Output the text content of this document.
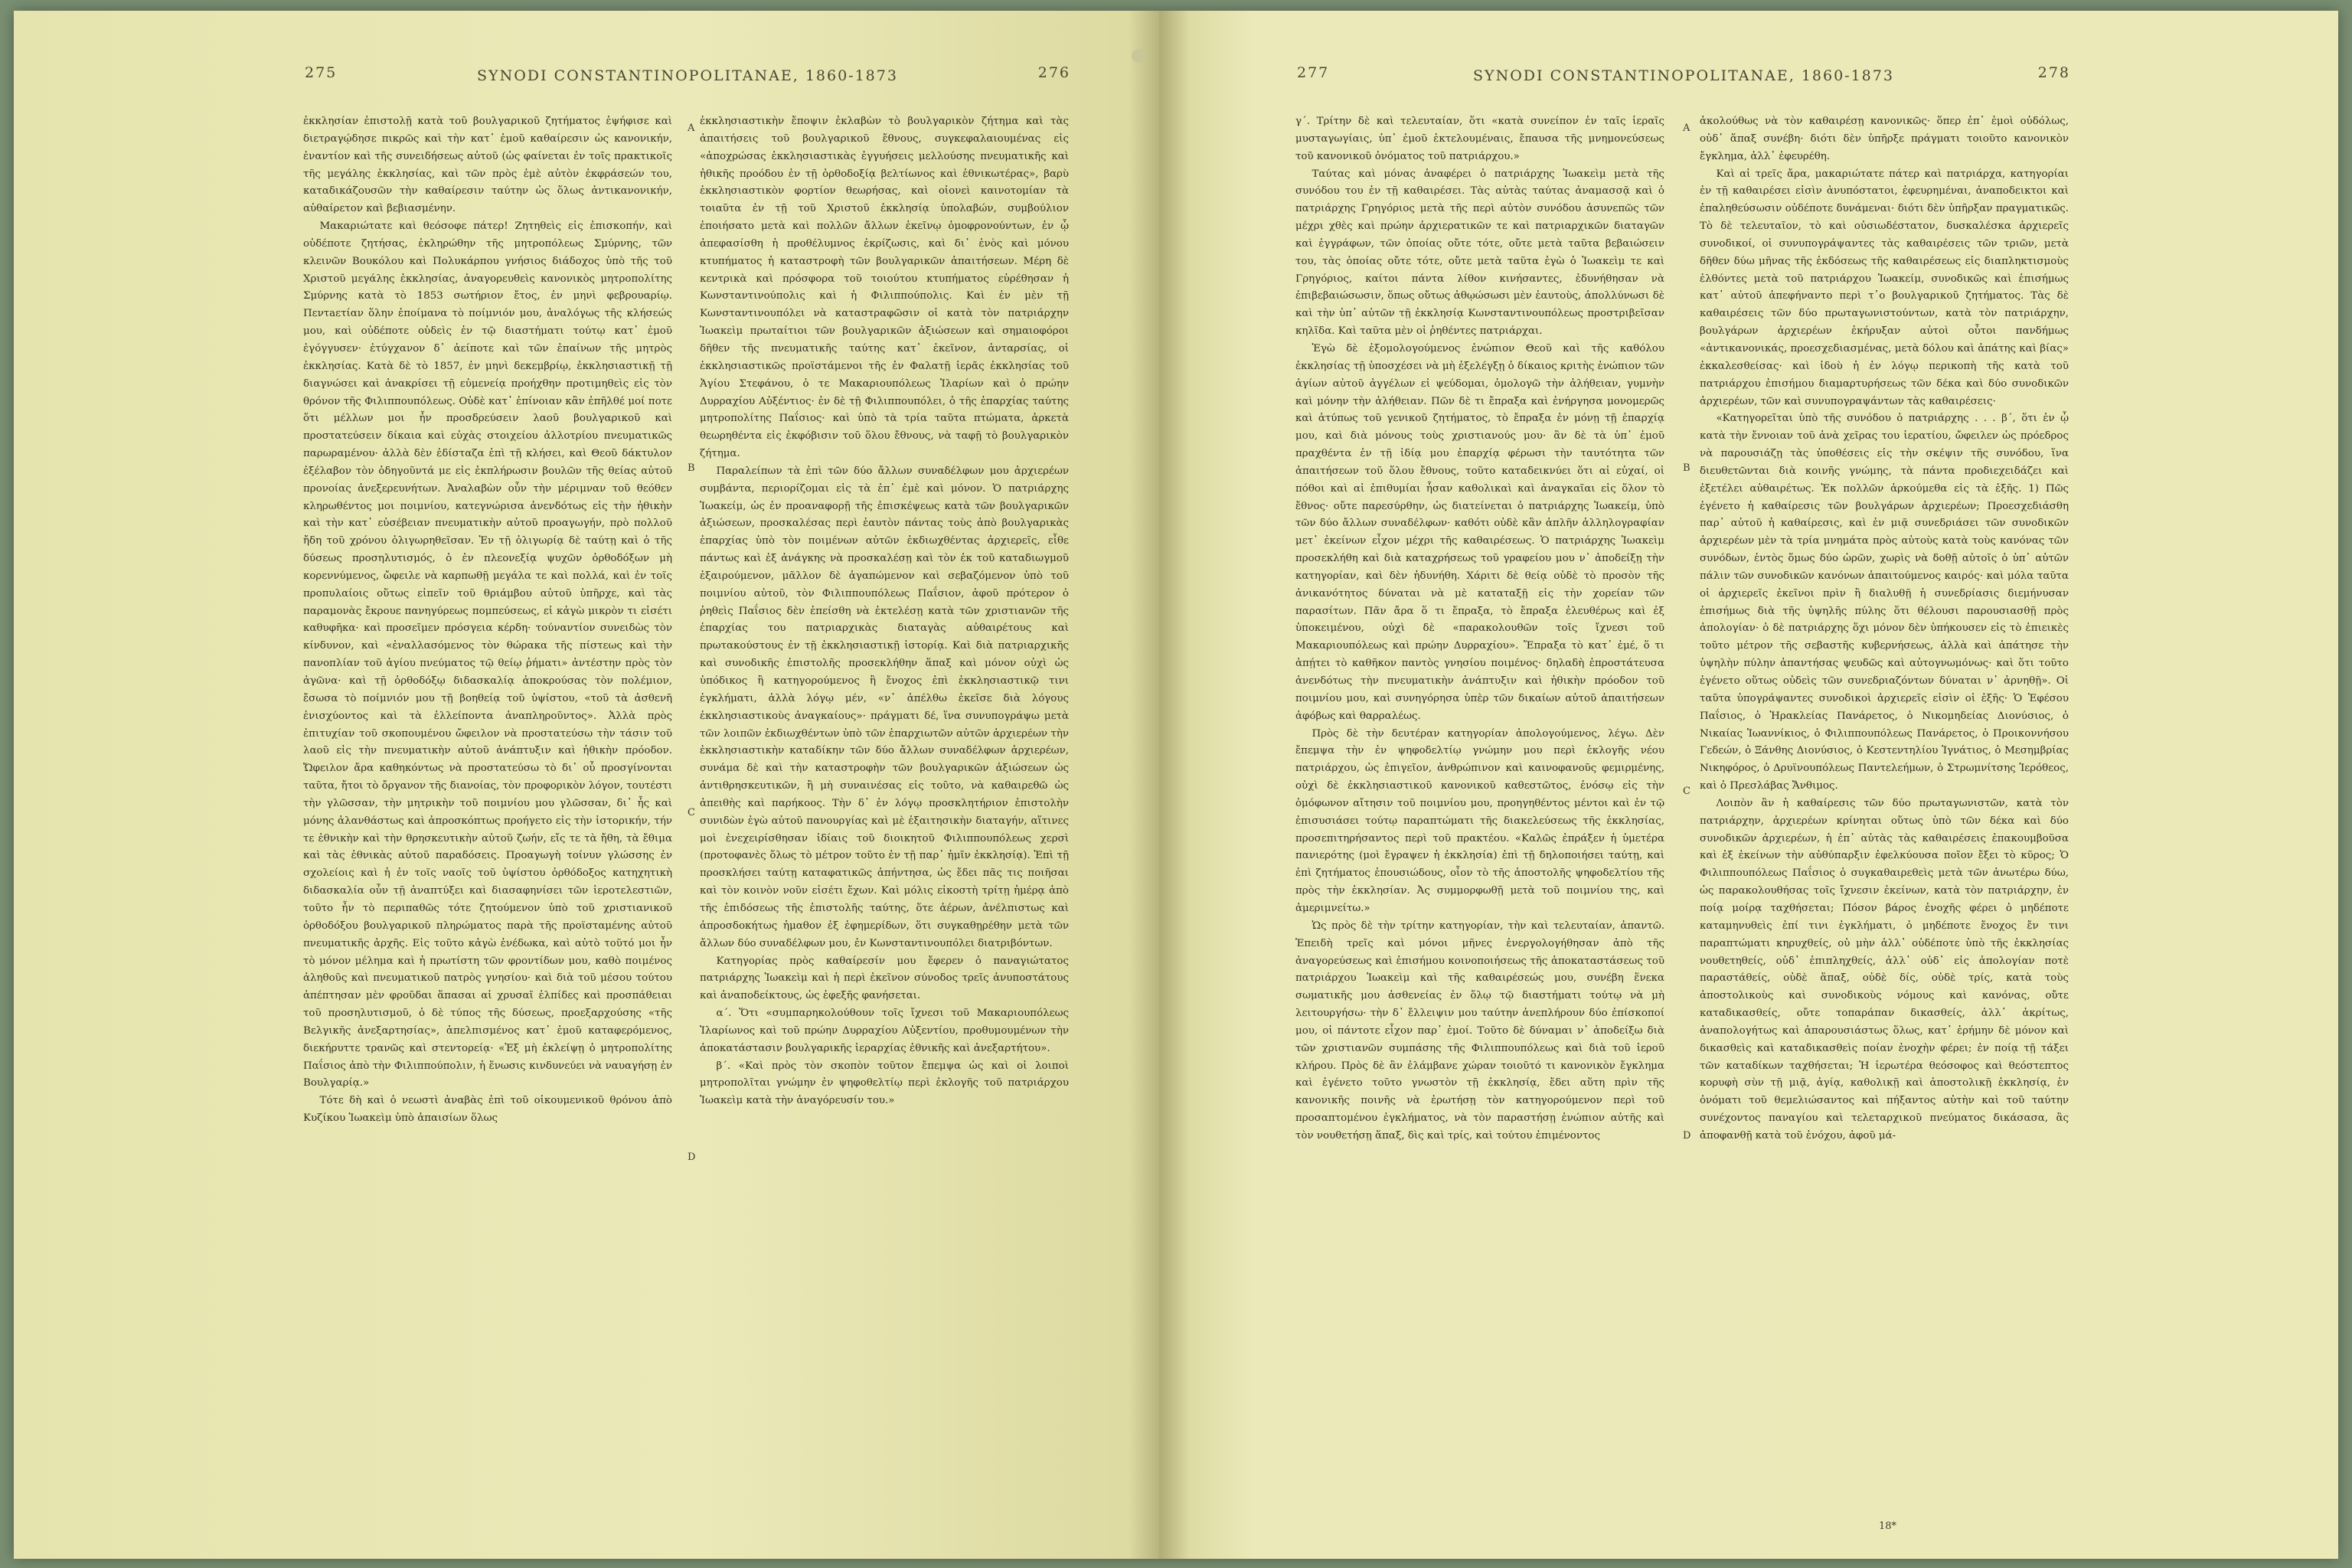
275	SYNODI CONSTANTINOPOLITANAE, 1860-1873	276

ἐκκλησίαν ἐπιστολῇ κατὰ τοῦ βουλγαρικοῦ ζητήματος ἐψήφισε καὶ διετραγῴδησε πικρῶς καὶ τὴν κατ᾽ ἐμοῦ καθαίρεσιν ὡς κανονικήν, ἐναντίον καὶ τῆς συνειδήσεως αὐτοῦ (ὡς φαίνεται ἐν τοῖς πρακτικοῖς τῆς μεγάλης ἐκκλησίας, καὶ τῶν πρὸς ἐμὲ αὐτὸν ἐκφράσεών του, καταδικάζουσῶν τὴν καθαίρεσιν ταύτην ὡς ὅλως ἀντικανονικήν, αὐθαίρετον καὶ βεβιασμένην.

Μακαριώτατε καὶ θεόσοφε πάτερ! Ζητηθεὶς εἰς ἐπισκοπήν, καὶ οὐδέποτε ζητήσας, ἐκληρώθην τῆς μητροπόλεως Σμύρνης, τῶν κλεινῶν Βουκόλου καὶ Πολυκάρπου γνήσιος διάδοχος ὑπὸ τῆς τοῦ Χριστοῦ μεγάλης ἐκκλησίας, ἀναγορευθεὶς κανονικὸς μητροπολίτης Σμύρνης κατὰ τὸ 1853 σωτήριον ἔτος, ἐν μηνὶ φεβρουαρίῳ. Πεντaετίαν ὅλην ἐποίμανα τὸ ποίμνιόν μου, ἀναλόγως τῆς κλήσεώς μου, καὶ οὐδέποτε οὐδεὶς ἐν τῷ διαστήματι τούτῳ κατ᾽ ἐμοῦ ἐγόγγυσεν· ἐτύγχανον δ᾽ ἀείποτε καὶ τῶν ἐπαίνων τῆς μητρὸς ἐκκλησίας. Κατὰ δὲ τὸ 1857, ἐν μηνὶ δεκεμβρίῳ, ἐκκλησιαστικῇ τῇ διαγνώσει καὶ ἀνακρίσει τῇ εὐμενείᾳ προήχθην προτιμηθεὶς εἰς τὸν θρόνον τῆς Φιλιππουπόλεως. Οὐδὲ κατ᾽ ἐπίνοιαν κἂν ἐπῆλθέ μοί ποτε ὅτι μέλλων μοι ἦν προσδρεύσειν λαοῦ βουλγαρικοῦ καὶ προστατεύσειν δίκαια καὶ εὐχὰς στοιχείου ἀλλοτρίου πνευματικῶς παρωραμένου· ἀλλὰ δὲν ἐδίσταζα ἐπὶ τῇ κλήσει, καὶ Θεοῦ δάκτυλον ἐξέλαβον τὸν ὁδηγοῦντά με εἰς ἐκπλήρωσιν βουλῶν τῆς θείας αὐτοῦ προνοίας ἀνεξερευνήτων. Ἀναλαβὼν οὖν τὴν μέριμναν τοῦ θεόθεν κληρωθέντος μοι ποιμνίου, κατεγνώρισα ἀνενδότως εἰς τὴν ἠθικὴν καὶ τὴν κατ᾽ εὐσέβειαν πνευματικὴν αὐτοῦ προαγωγήν, πρὸ πολλοῦ ἤδη τοῦ χρόνου ὀλιγωρηθεῖσαν. Ἐν τῇ ὀλιγωρίᾳ δὲ ταύτῃ καὶ ὁ τῆς δύσεως προσηλυτισμός, ὁ ἐν πλεονεξίᾳ ψυχῶν ὀρθοδόξων μὴ κορεννύμενος, ὤφειλε νὰ καρπωθῇ μεγάλα τε καὶ πολλά, καὶ ἐν τοῖς προπυλαίοις οὕτως εἰπεῖν τοῦ θριάμβου αὐτοῦ ὑπῆρχε, καὶ τὰς παραμονὰς ἔκρουε πανηγύρεως πομπεύσεως, εἰ κἀγὼ μικρὸν τι εἰσέτι καθυφῆκα· καὶ προσεῖμεν πρόσγεια κέρδη· τούναντίον συνειδὼς τὸν κίνδυνον, καὶ «ἐναλλασόμενος τὸν θώρακα τῆς πίστεως καὶ τὴν πανοπλίαν τοῦ ἁγίου πνεύματος τῷ θείῳ ῥήματι» ἀντέστην πρὸς τὸν ἀγῶνα· καὶ τῇ ὀρθοδόξῳ διδασκαλίᾳ ἀποκρούσας τὸν πολέμιον, ἔσωσα τὸ ποίμνιόν μου τῇ βοηθείᾳ τοῦ ὑψίστου, «τοῦ τὰ ἀσθενῆ ἐνισχύοντος καὶ τὰ ἐλλείποντα ἀναπληροῦντος». Ἀλλὰ πρὸς ἐπιτυχίαν τοῦ σκοπουμένου ὤφειλον νὰ προστατεύσω τὴν τάσιν τοῦ λαοῦ εἰς τὴν πνευματικὴν αὐτοῦ ἀνάπτυξιν καὶ ἠθικὴν πρόοδον. Ὤφειλον ἄρα καθηκόντως νὰ προστατεύσω τὸ δι᾽ οὗ προσγίνονται ταῦτα, ἤτοι τὸ ὄργανον τῆς διανοίας, τὸν προφορικὸν λόγον, τουτέστι τὴν γλῶσσαν, τὴν μητρικὴν τοῦ ποιμνίου μου γλῶσσαν, δι᾽ ἧς καὶ μόνης ἀλανθάστως καὶ ἀπροσκόπτως προήγετο εἰς τὴν ἱστορικήν, τήν τε ἐθνικὴν καὶ τὴν θρησκευτικὴν αὐτοῦ ζωήν, εἴς τε τὰ ἤθη, τὰ ἔθιμα καὶ τὰς ἐθνικὰς αὐτοῦ παραδόσεις. Προαγωγὴ τοίνυν γλώσσης ἐν σχολείοις καὶ ἡ ἐν τοῖς ναοῖς τοῦ ὑψίστου ὀρθόδοξος κατηχητικὴ διδασκαλία οὖν τῇ ἀναπτύξει καὶ διασαφηνίσει τῶν ἱεροτελεστιῶν, τοῦτο ἦν τὸ περιπαθῶς τότε ζητούμενον ὑπὸ τοῦ χριστιανικοῦ ὀρθοδόξου βουλγαρικοῦ πληρώματος παρὰ τῆς προϊσταμένης αὐτοῦ πνευματικῆς ἀρχῆς. Εἰς τοῦτο κἀγὼ ἐνέδωκα, καὶ αὐτὸ τοῦτό μοι ἦν τὸ μόνον μέλημα καὶ ἡ πρωτίστη τῶν φροντίδων μου, καθὸ ποιμένος ἀληθοῦς καὶ πνευματικοῦ πατρὸς γνησίου· καὶ διὰ τοῦ μέσου τούτου ἀπέπτησαν μὲν φροῦδαι ἅπασαι αἱ χρυσαῖ ἐλπίδες καὶ προσπάθειαι τοῦ προσηλυτισμοῦ, ὁ δὲ τύπος τῆς δύσεως, προεξαρχούσης «τῆς Βελγικῆς ἀνεξαρτησίας», ἀπελπισμένος κατ᾽ ἐμοῦ καταφερόμενος, διεκήρυττε τρανῶς καὶ στεντορείᾳ· «Ἐξ μὴ ἐκλείψῃ ὁ μητροπολίτης Παΐσιος ἀπὸ τὴν Φιλιππούπολιν, ἡ ἕνωσις κινδυνεύει νὰ ναυαγήσῃ ἐν Βουλγαρίᾳ.»

Τότε δὴ καὶ ὁ νεωστὶ ἀναβὰς ἐπὶ τοῦ οἰκουμενικοῦ θρόνου ἀπὸ Κυζίκου Ἰωακεὶμ ὑπὸ ἀπαισίων ὅλως

ἐκκλησιαστικὴν ἔποψιν ἐκλαβὼν τὸ βουλγαρικὸν ζήτημα καὶ τὰς ἀπαιτήσεις τοῦ βουλγαρικοῦ ἔθνους, συγκεφαλαιουμένας εἰς «ἀποχρώσας ἐκκλησιαστικὰς ἐγγυήσεις μελλούσης πνευματικῆς καὶ ἠθικῆς προόδου ἐν τῇ ὀρθοδοξίᾳ βελτίωνος καὶ ἐθνικωτέρας», βαρὺ ἐκκλησιαστικὸν φορτίον θεωρήσας, καὶ οἰονεὶ καινοτομίαν τὰ τοιαῦτα ἐν τῇ τοῦ Χριστοῦ ἐκκλησίᾳ ὑπολαβών, συμβούλιον ἐποιήσατο μετὰ καὶ πολλῶν ἄλλων ἐκεῖνῳ ὁμοφρονούντων, ἐν ᾧ ἀπεφασίσθη ἡ προθέλυμνος ἐκρίζωσις, καὶ δι᾽ ἑνὸς καὶ μόνου κτυπήματος ἡ καταστροφὴ τῶν βουλγαρικῶν ἀπαιτήσεων. Μέρη δὲ κεντρικὰ καὶ πρόσφορα τοῦ τοιούτου κτυπήματος εὑρέθησαν ἡ Κωνσταντινούπολις καὶ ἡ Φιλιππούπολις. Καὶ ἐν μὲν τῇ Κωνσταντινουπόλει νὰ καταστραφῶσιν οἱ κατὰ τὸν πατριάρχην Ἰωακεὶμ πρωταίτιοι τῶν βουλγαρικῶν ἀξιώσεων καὶ σημαιοφόροι δῆθεν τῆς πνευματικῆς ταύτης κατ᾽ ἐκεῖνον, ἀνταρσίας, οἱ ἐκκλησιαστικῶς προϊστάμενοι τῆς ἐν Φαλατῇ ἱερᾶς ἐκκλησίας τοῦ Ἁγίου Στεφάνου, ὁ τε Μακαριουπόλεως Ἱλαρίων καὶ ὁ πρώην Δυρραχίου Αὐξέντιος· ἐν δὲ τῇ Φιλιππουπόλει, ὁ τῆς ἐπαρχίας ταύτης μητροπολίτης Παΐσιος· καὶ ὑπὸ τὰ τρία ταῦτα πτώματα, ἀρκετὰ θεωρηθέντα εἰς ἐκφόβισιν τοῦ ὅλου ἔθνους, νὰ ταφῇ τὸ βουλγαρικὸν ζήτημα.

Παραλείπων τὰ ἐπὶ τῶν δύο ἄλλων συναδέλφων μου ἀρχιερέων συμβάντα, περιορίζομαι εἰς τὰ ἐπ᾽ ἐμὲ καὶ μόνον. Ὁ πατριάρχης Ἰωακείμ, ὡς ἐν προαναφορῇ τῆς ἐπισκέψεως κατὰ τῶν βουλγαρικῶν ἀξιώσεων, προσκαλέσας περὶ ἑαυτὸν πάντας τοὺς ἀπὸ βουλγαρικὰς ἐπαρχίας ὑπὸ τὸν ποιμένων αὐτῶν ἐκδιωχθέντας ἀρχιερεῖς, εἶθε πάντως καὶ ἐξ ἀνάγκης νὰ προσκαλέσῃ καὶ τὸν ἐκ τοῦ καταδιωγμοῦ ἐξαιρούμενον, μᾶλλον δὲ ἀγαπώμενον καὶ σεβαζόμενον ὑπὸ τοῦ ποιμνίου αὐτοῦ, τὸν Φιλιππουπόλεως Παΐσιον, ἀφοῦ πρότερον ὁ ῥηθεὶς Παΐσιος δὲν ἐπείσθη νὰ ἐκτελέσῃ κατὰ τῶν χριστιανῶν τῆς ἐπαρχίας του πατριαρχικὰς διαταγὰς αὐθαιρέτους καὶ πρωτακούστους ἐν τῇ ἐκκλησιαστικῇ ἱστορίᾳ. Καὶ διὰ πατριαρχικῆς καὶ συνοδικῆς ἐπιστολῆς προσεκλήθην ἅπαξ καὶ μόνον οὐχὶ ὡς ὑπόδικος ἢ κατηγορούμενος ἢ ἔνοχος ἐπὶ ἐκκλησιαστικῷ τινι ἐγκλήματι, ἀλλὰ λόγῳ μέν, «ν᾽ ἀπέλθω ἐκεῖσε διὰ λόγους ἐκκλησιαστικοὺς ἀναγκαίους»· πράγματι δέ, ἵνα συνυπογράψω μετὰ τῶν λοιπῶν ἐκδιωχθέντων ὑπὸ τῶν ἐπαρχιωτῶν αὐτῶν ἀρχιερέων τὴν ἐκκλησιαστικὴν καταδίκην τῶν δύο ἄλλων συναδέλφων ἀρχιερέων, συνάμα δὲ καὶ τὴν καταστροφὴν τῶν βουλγαρικῶν ἀξιώσεων ὡς ἀντιθρησκευτικῶν, ἢ μὴ συναινέσας εἰς τοῦτο, νὰ καθαιρεθῶ ὡς ἀπειθὴς καὶ παρήκοος. Τὴν δ᾽ ἐν λόγῳ προσκλητήριον ἐπιστολὴν συνιδὼν ἐγὼ αὐτοῦ πανουργίας καὶ μὲ ἐξαιτησικὴν διαταγήν, αἵτινες μοὶ ἐνεχειρίσθησαν ἰδίαις τοῦ διοικητοῦ Φιλιππουπόλεως χερσὶ (προτοφανὲς ὅλως τὸ μέτρον τοῦτο ἐν τῇ παρ᾽ ἡμῖν ἐκκλησίᾳ). Ἐπὶ τῇ προσκλήσει ταύτῃ καταφατικῶς ἀπήντησα, ὡς ἔδει πᾶς τις ποιῆσαι καὶ τὸν κοινὸν νοῦν εἰσέτι ἔχων. Καὶ μόλις εἰκοστὴ τρίτῃ ἡμέρᾳ ἀπὸ τῆς ἐπιδόσεως τῆς ἐπιστολῆς ταύτης, ὅτε ἀέρων, ἀνέλπιστως καὶ ἀπροσδοκήτως ἠμαθον ἐξ ἐφημερίδων, ὅτι συγκαθῃρέθην μετὰ τῶν ἄλλων δύο συναδέλφων μου, ἐν Κωνσταντινουπόλει διατριβόντων.

Κατηγορίας πρὸς καθαίρεσίν μου ἔφερεν ὁ παναγιώτατος πατριάρχης Ἰωακεὶμ καὶ ἡ περὶ ἐκεῖνον σύνοδος τρεῖς ἀνυποστάτους καὶ ἀναποδείκτους, ὡς ἐφεξῆς φανήσεται.

α΄. Ὅτι «συμπαρηκολούθουν τοῖς ἴχνεσι τοῦ Μακαριουπόλεως Ἱλαρίωνος καὶ τοῦ πρώην Δυρραχίου Αὐξεντίου, προθυμουμένων τὴν ἀποκατάστασιν βουλγαρικῆς ἱεραρχίας ἐθνικῆς καὶ ἀνεξαρτήτου».

β΄. «Καὶ πρὸς τὸν σκοπὸν τοῦτον ἔπεμψα ὡς καὶ οἱ λοιποὶ μητροπολῖται γνώμην ἐν ψηφοθελτίῳ περὶ ἐκλογῆς τοῦ πατριάρχου Ἰωακεὶμ κατὰ τὴν ἀναγόρευσίν του.»

A
B
C
D
277	SYNODI CONSTANTINOPOLITANAE, 1860-1873	278

γ΄. Τρίτην δὲ καὶ τελευταίαν, ὅτι «κατὰ συνείπον ἐν ταῖς ἱεραῖς μυσταγωγίαις, ὑπ᾽ ἐμοῦ ἐκτελουμέναις, ἔπαυσα τῆς μνημονεύσεως τοῦ κανονικοῦ ὀνόματος τοῦ πατριάρχου.»

Ταύτας καὶ μόνας ἀναφέρει ὁ πατριάρχης Ἰωακεὶμ μετὰ τῆς συνόδου του ἐν τῇ καθαιρέσει. Τὰς αὐτὰς ταύτας ἀναμασσᾷ καὶ ὁ πατριάρχης Γρηγόριος μετὰ τῆς περὶ αὐτὸν συνόδου ἀσυνεπῶς τῶν μέχρι χθὲς καὶ πρώην ἀρχιερατικῶν τε καὶ πατριαρχικῶν διαταγῶν καὶ ἐγγράφων, τῶν ὁποίας οὔτε τότε, οὔτε μετὰ ταῦτα βεβαιώσειν του, τὰς ὁποίας οὔτε τότε, οὔτε μετὰ ταῦτα ἐγὼ ὁ Ἰωακεὶμ τε καὶ Γρηγόριος, καίτοι πάντα λίθον κινήσαντες, ἐδυνήθησαν νὰ ἐπιβεβαιώσωσιν, ὅπως οὔτως ἀθῳώσωσι μὲν ἑαυτοὺς, ἀπολλύνωσι δὲ καὶ τὴν ὑπ᾽ αὐτῶν τῇ ἐκκλησίᾳ Κωνσταντινουπόλεως προστριβεῖσαν κηλῖδα. Καὶ ταῦτα μὲν οἱ ῥηθέντες πατριάρχαι.

Ἐγὼ δὲ ἐξομολογούμενος ἐνώπιον Θεοῦ καὶ τῆς καθόλου ἐκκλησίας τῇ ὑποσχέσει νὰ μὴ ἐξελέγξῃ ὁ δίκαιος κριτὴς ἐνώπιον τῶν ἁγίων αὐτοῦ ἀγγέλων εἰ ψεύδομαι, ὁμολογῶ τὴν ἀλήθειαν, γυμνὴν καὶ μόνην τὴν ἀλήθειαν. Πῶν δὲ τι ἔπραξα καὶ ἐνήργησα μονομερῶς καὶ ἀτύπως τοῦ γενικοῦ ζητήματος, τὸ ἔπραξα ἐν μόνῃ τῇ ἐπαρχίᾳ μου, καὶ διὰ μόνους τοὺς χριστιανούς μου· ἂν δὲ τὰ ὑπ᾽ ἐμοῦ πραχθέντα ἐν τῇ ἰδίᾳ μου ἐπαρχίᾳ φέρωσι τὴν ταυτότητα τῶν ἀπαιτήσεων τοῦ ὅλου ἔθνους, τοῦτο καταδεικνύει ὅτι αἱ εὐχαί, οἱ πόθοι καὶ αἱ ἐπιθυμίαι ἦσαν καθολικαὶ καὶ ἀναγκαῖαι εἰς ὅλον τὸ ἔθνος· οὔτε παρεσύρθην, ὡς διατείνεται ὁ πατριάρχης Ἰωακείμ, ὑπὸ τῶν δύο ἄλλων συναδέλφων· καθότι οὐδὲ κἂν ἀπλῆν ἀλληλογραφίαν μετ᾽ ἐκείνων εἶχον μέχρι τῆς καθαιρέσεως. Ὁ πατριάρχης Ἰωακεὶμ προσεκλήθη καὶ διὰ καταχρήσεως τοῦ γραφείου μου ν᾽ ἀποδείξῃ τὴν κατηγορίαν, καὶ δὲν ἠδυνήθη. Χάριτι δὲ θείᾳ οὐδὲ τὸ προσὸν τῆς ἀνικανότητος δύναται νὰ μὲ καταταξῇ εἰς τὴν χορείαν τῶν παρασίτων. Πᾶν ἄρα ὅ τι ἔπραξα, τὸ ἔπραξα ἐλευθέρως καὶ ἐξ ὑποκειμένου, οὐχὶ δὲ «παρακολουθῶν τοῖς ἴχνεσι τοῦ Μακαριουπόλεως καὶ πρώην Δυρραχίου». Ἔπραξα τὸ κατ᾽ ἐμέ, ὅ τι ἀπῄτει τὸ καθῆκον παντὸς γνησίου ποιμένος· δηλαδὴ ἐπροστάτευσα ἀνενδότως τὴν πνευματικὴν ἀνάπτυξιν καὶ ἠθικὴν πρόοδον τοῦ ποιμνίου μου, καὶ συνηγόρησα ὑπὲρ τῶν δικαίων αὐτοῦ ἀπαιτήσεων ἀφόβως καὶ θαρραλέως.

Πρὸς δὲ τὴν δευτέραν κατηγορίαν ἀπολογούμενος, λέγω. Δὲν ἔπεμψα τὴν ἐν ψηφοδελτίῳ γνώμην μου περὶ ἐκλογῆς νέου πατριάρχου, ὡς ἐπιγεῖον, ἀνθρώπινον καὶ καινοφανοῦς φεμιρμένης, οὐχὶ δὲ ἐκκλησιαστικοῦ κανονικοῦ καθεστῶτος, ἐνόσῳ εἰς τὴν ὁμόφωνον αἴτησιν τοῦ ποιμνίου μου, προηγηθέντος μέντοι καὶ ἐν τῷ ἐπισυσιάσει τούτῳ παραπτώματι τῆς διακελεύσεως τῆς ἐκκλησίας, προσεπιτηρήσαντος περὶ τοῦ πρακτέου. «Καλῶς ἐπράξεν ἡ ὑμετέρα πανιερότης (μοὶ ἔγραψεν ἡ ἐκκλησία) ἐπὶ τῇ δηλοποιήσει ταύτῃ, καὶ ἐπὶ ζητήματος ἐπουσιώδους, οἷον τὸ τῆς ἀποστολῆς ψηφοδελτίου τῆς πρὸς τὴν ἐκκλησίαν. Ἀς συμμορφωθῇ μετὰ τοῦ ποιμνίου της, καὶ ἀμεριμνείτω.»

Ὡς πρὸς δὲ τὴν τρίτην κατηγορίαν, τὴν καὶ τελευταίαν, ἀπαντῶ. Ἐπειδὴ τρεῖς καὶ μόνοι μῆνες ἐνεργολογήθησαν ἀπὸ τῆς ἀναγορεύσεως καὶ ἐπισήμου κοινοποιήσεως τῆς ἀποκαταστάσεως τοῦ πατριάρχου Ἰωακεὶμ καὶ τῆς καθαιρέσεώς μου, συνέβη ἕνεκα σωματικῆς μου ἀσθενείας ἐν ὅλῳ τῷ διαστήματι τούτῳ νὰ μὴ λειτουργήσω· τὴν δ᾽ ἔλλειψιν μου ταύτην ἀνεπλήρουν δύο ἐπίσκοποί μου, οἱ πάντοτε εἶχον παρ᾽ ἐμοί. Τοῦτο δὲ δύναμαι ν᾽ ἀποδείξω διὰ τῶν χριστιανῶν συμπάσης τῆς Φιλιππουπόλεως καὶ διὰ τοῦ ἱεροῦ κλήρου. Πρὸς δὲ ἂν ἐλάμβανε χώραν τοιοῦτό τι κανονικὸν ἔγκλημα καὶ ἐγένετο τοῦτο γνωστὸν τῇ ἐκκλησίᾳ, ἔδει αὕτη πρὶν τῆς κανονικῆς ποινῆς νὰ ἐρωτήσῃ τὸν κατηγορούμενον περὶ τοῦ προσαπτομένου ἐγκλήματος, νὰ τὸν παραστήσῃ ἐνώπιον αὐτῆς καὶ τὸν νουθετήσῃ ἅπαξ, δὶς καὶ τρίς, καὶ τούτου ἐπιμένοντος

ἀκολούθως νὰ τὸν καθαιρέσῃ κανονικῶς· ὅπερ ἐπ᾽ ἐμοὶ οὐδόλως, οὐδ᾽ ἅπαξ συνέβη· διότι δὲν ὑπῆρξε πράγματι τοιοῦτο κανονικὸν ἔγκλημα, ἀλλ᾽ ἐφευρέθη.

Καὶ αἱ τρεῖς ἄρα, μακαριώτατε πάτερ καὶ πατριάρχα, κατηγορίαι ἐν τῇ καθαιρέσει εἰσὶν ἀνυπόστατοι, ἐφευρημέναι, ἀναποδεικτοι καὶ ἐπαληθεύσωσιν οὐδέποτε δυνάμεναι· διότι δὲν ὑπῆρξαν πραγματικῶς. Τὸ δὲ τελευταῖον, τὸ καὶ οὐσιωδέστατον, δυσκαλέσκα ἀρχιερεῖς συνοδικοί, οἱ συνυπογράψαντες τὰς καθαιρέσεις τῶν τριῶν, μετὰ δῆθεν δύω μῆνας τῆς ἐκδόσεως τῆς καθαιρέσεως εἰς διαπληκτισμοὺς ἐλθόντες μετὰ τοῦ πατριάρχου Ἰωακείμ, συνοδικῶς καὶ ἐπισήμως κατ᾽ αὐτοῦ ἀπεφήναντο περὶ τ᾽ο βουλγαρικοῦ ζητήματος. Τὰς δὲ καθαιρέσεις τῶν δύο πρωταγωνιστούντων, κατὰ τὸν πατριάρχην, βουλγάρων ἀρχιερέων ἐκήρυξαν αὐτοὶ οὗτοι πανδήμως «ἀντικανονικάς, προεσχεδιασμένας, μετὰ δόλου καὶ ἀπάτης καὶ βίας» ἐκκαλεσθείσας· καὶ ἰδοὺ ἡ ἐν λόγῳ περικοπὴ τῆς κατὰ τοῦ πατριάρχου ἐπισήμου διαμαρτυρήσεως τῶν δέκα καὶ δύο συνοδικῶν ἀρχιερέων, τῶν καὶ συνυπογραψάντων τὰς καθαιρέσεις·

«Κατηγορεῖται ὑπὸ τῆς συνόδου ὁ πατριάρχης . . . β΄, ὅτι ἐν ᾧ κατὰ τὴν ἔννοιαν τοῦ ἀνὰ χεῖρας του ἱερατίου, ὤφειλεν ὡς πρόεδρος νὰ παρουσιάζῃ τὰς ὑποθέσεις εἰς τὴν σκέψιν τῆς συνόδου, ἵνα διευθετῶνται διὰ κοινῆς γνώμης, τὰ πάντα προδιεχειδάζει καὶ ἐξετέλει αὐθαιρέτως. Ἐκ πολλῶν ἀρκούμεθα εἰς τὰ ἑξῆς. 1) Πῶς ἐγένετο ἡ καθαίρεσις τῶν βουλγάρων ἀρχιερέων; Προεσχεδιάσθη παρ᾽ αὐτοῦ ἡ καθαίρεσις, καὶ ἐν μιᾷ συνεδριάσει τῶν συνοδικῶν ἀρχιερέων μὲν τὰ τρία μνημάτα πρὸς αὐτοὺς κατὰ τοὺς κανόνας τῶν συνόδων, ἐντὸς ὅμως δύο ὡρῶν, χωρὶς νὰ δοθῇ αὐτοῖς ὁ ὑπ᾽ αὐτῶν πάλιν τῶν συνοδικῶν κανόνων ἀπαιτούμενος καιρός· καὶ μόλα ταῦτα οἱ ἀρχιερεῖς ἐκεῖνοι πρὶν ἢ διαλυθῇ ἡ συνεδρίασις διεμήνυσαν ἐπισήμως διὰ τῆς ὑψηλῆς πύλης ὅτι θέλουσι παρουσιασθῇ πρὸς ἀπολογίαν· ὁ δὲ πατριάρχης ὅχι μόνον δὲν ὑπήκουσεν εἰς τὸ ἐπιεικὲς τοῦτο μέτρον τῆς σεβαστῆς κυβερνήσεως, ἀλλὰ καὶ ἀπάτησε τὴν ὑψηλὴν πύλην ἀπαντήσας ψευδῶς καὶ αὐτογνωμόνως· καὶ ὅτι τοῦτο ἐγένετο οὕτως οὐδεὶς τῶν συνεδριαζόντων δύναται ν᾽ ἀρνηθῇ». Οἱ ταῦτα ὑπογράψαντες συνοδικοὶ ἀρχιερεῖς εἰσὶν οἱ ἑξῆς· Ὁ Ἐφέσου Παΐσιος, ὁ Ἡρακλείας Πανάρετος, ὁ Νικομηδείας Διονύσιος, ὁ Νικαίας Ἰωαννίκιος, ὁ Φιλιππουπόλεως Πανάρετος, ὁ Προικοννήσου Γεδεών, ὁ Ξάνθης Διονύσιος, ὁ Κεστεντηλίου Ἰγνάτιος, ὁ Μεσημβρίας Νικηφόρος, ὁ Δρυϊνουπόλεως Παντελεήμων, ὁ Στρωμνίτσης Ἱερόθεος, καὶ ὁ Πρεσλάβας Ἄνθιμος.

Λοιπὸν ἂν ἡ καθαίρεσις τῶν δύο πρωταγωνιστῶν, κατὰ τὸν πατριάρχην, ἀρχιερέων κρίνηται οὕτως ὑπὸ τῶν δέκα καὶ δύο συνοδικῶν ἀρχιερέων, ἡ ἐπ᾽ αὐτὰς τὰς καθαιρέσεις ἐπακουμβοῦσα καὶ ἐξ ἐκείνων τὴν αὐθύπαρξιν ἐφελκύουσα ποῖον ἔξει τὸ κῦρος; Ὁ Φιλιππουπόλεως Παΐσιος ὁ συγκαθαιρεθεὶς μετὰ τῶν ἀνωτέρω δύω, ὡς παρακολουθήσας τοῖς ἴχνεσιν ἐκείνων, κατὰ τὸν πατριάρχην, ἐν ποίᾳ μοίρᾳ ταχθήσεται; Πόσον βάρος ἐνοχῆς φέρει ὁ μηδέποτε καταμηνυθεὶς ἐπί τινι ἐγκλήματι, ὁ μηδέποτε ἔνοχος ἔν τινι παραπτώματι κηρυχθείς, οὐ μὴν ἀλλ᾽ οὐδέποτε ὑπὸ τῆς ἐκκλησίας νουθετηθείς, οὐδ᾽ ἐπιπληχθείς, ἀλλ᾽ οὐδ᾽ εἰς ἀπολογίαν ποτὲ παραστάθείς, οὐδὲ ἅπαξ, οὐδὲ δίς, οὐδὲ τρίς, κατὰ τοὺς ἀποστολικοὺς καὶ συνοδικοὺς νόμους καὶ κανόνας, οὔτε καταδικασθείς, οὔτε τοπαράπαν δικασθείς, ἀλλ᾽ ἀκρίτως, ἀναπολογήτως καὶ ἀπαρουσιάστως ὅλως, κατ᾽ ἐρήμην δὲ μόνον καὶ δικασθεὶς καὶ καταδικασθεὶς ποίαν ἐνοχὴν φέρει; ἐν ποίᾳ τῇ τάξει τῶν καταδίκων ταχθήσεται; Ἡ ἱερωτέρα θεόσοφος καὶ θεόστεπτος κορυφὴ σὺν τῇ μιᾷ, ἁγίᾳ, καθολικῇ καὶ ἀποστολικῇ ἐκκλησίᾳ, ἐν ὀνόματι τοῦ θεμελιώσαντος καὶ πήξαντος αὐτὴν καὶ τοῦ ταύτην συνέχοντος παναγίου καὶ τελεταρχικοῦ πνεύματος δικάσασα, ἂς ἀποφανθῇ κατὰ τοῦ ἐνόχου, ἀφοῦ μά-

A
B
C
D
18*
